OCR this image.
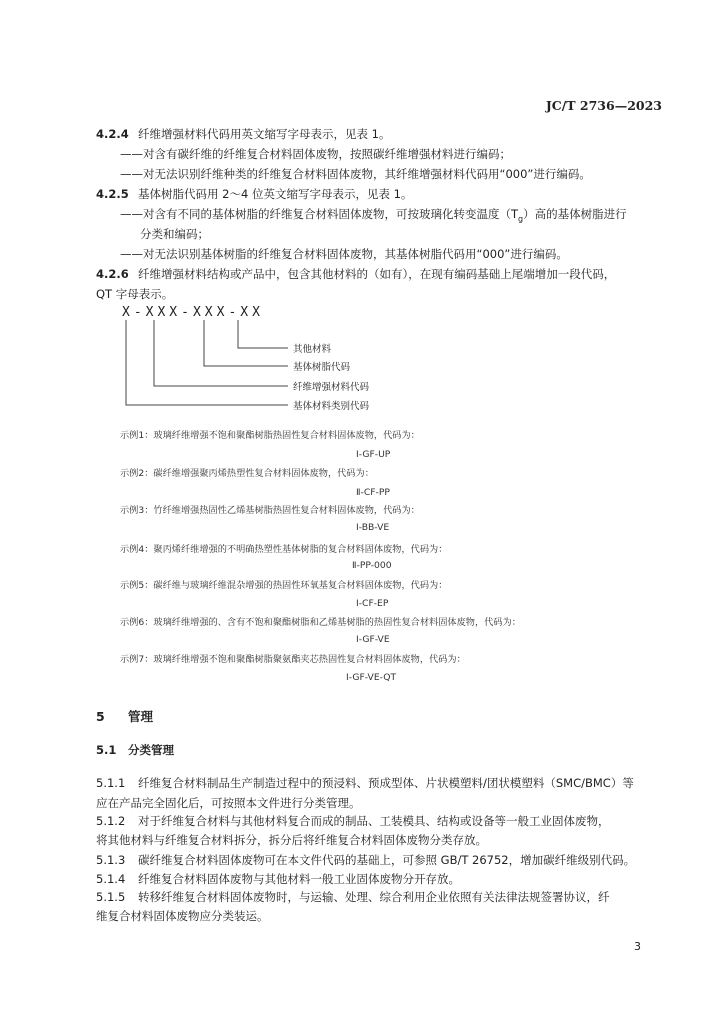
JC/T 2736—2023
4.2.4 纤维增强材料代码用英文缩写字母表示，见表 1。
——对含有碳纤维的纤维复合材料固体废物，按照碳纤维增强材料进行编码；
——对无法识别纤维种类的纤维复合材料固体废物，其纤维增强材料代码用“000”进行编码。
4.2.5 基体树脂代码用 2～4 位英文缩写字母表示，见表 1。
——对含有不同的基体树脂的纤维复合材料固体废物，可按玻璃化转变温度$(T_g)$高的基体树脂进行
分类和编码；
——对无法识别基体树脂的纤维复合材料固体废物，其基体树脂代码用“000”进行编码。
4.2.6 纤维增强材料结构或产品中，包含其他材料的（如有），在现有编码基础上尾端增加一段代码，
QT 字母表示。
X-XXX-XXX-XX
其他材料
基体树脂代码
纤维增强材料代码
基体材料类别代码
示例1：玻璃纤维增强不饱和聚酯树脂热固性复合材料固体废物，代码为：
Ⅰ-GF-UP
示例2：碳纤维增强聚丙烯热塑性复合材料固体废物，代码为：
Ⅱ-CF-PP
示例3：竹纤维增强热固性乙烯基树脂热固性复合材料固体废物，代码为：
Ⅰ-BB-VE
示例4：聚丙烯纤维增强的不明确热塑性基体树脂的复合材料固体废物，代码为：
Ⅱ-PP-000
示例5：碳纤维与玻璃纤维混杂增强的热固性环氧基复合材料固体废物，代码为：
Ⅰ-CF-EP
示例6：玻璃纤维增强的、含有不饱和聚酯树脂和乙烯基树脂的热固性复合材料固体废物，代码为：
Ⅰ-GF-VE
示例7：玻璃纤维增强不饱和聚酯树脂聚氨酯夹芯热固性复合材料固体废物，代码为：
Ⅰ-GF-VE-QT
5 管理
5.1 分类管理
5.1.1 纤维复合材料制品生产制造过程中的预浸料、预成型体、片状模塑料/团状模塑料（SMC/BMC）等
应在产品完全固化后，可按照本文件进行分类管理。
5.1.2 对于纤维复合材料与其他材料复合而成的制品、工装模具、结构或设备等一般工业固体废物，
将其他材料与纤维复合材料拆分，拆分后将纤维复合材料固体废物分类存放。
5.1.3 碳纤维复合材料固体废物可在本文件代码的基础上，可参照 GB/T 26752，增加碳纤维级别代码。
5.1.4 纤维复合材料固体废物与其他材料一般工业固体废物分开存放。
5.1.5 转移纤维复合材料固体废物时，与运输、处理、综合利用企业依照有关法律法规签署协议，纤
维复合材料固体废物应分类装运。
3
